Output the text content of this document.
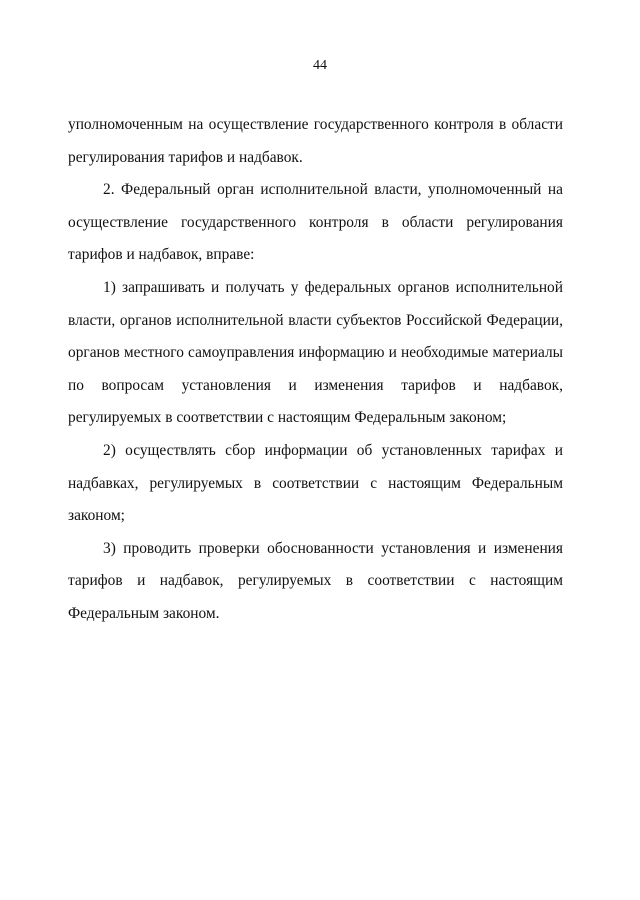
44

уполномоченным на осуществление государственного контроля в области регулирования тарифов и надбавок.

2. Федеральный орган исполнительной власти, уполномоченный на осуществление государственного контроля в области регулирования тарифов и надбавок, вправе:

1) запрашивать и получать у федеральных органов исполнительной власти, органов исполнительной власти субъектов Российской Федерации, органов местного самоуправления информацию и необходимые материалы по вопросам установления и изменения тарифов и надбавок, регулируемых в соответствии с настоящим Федеральным законом;

2) осуществлять сбор информации об установленных тарифах и надбавках, регулируемых в соответствии с настоящим Федеральным законом;

3) проводить проверки обоснованности установления и изменения тарифов и надбавок, регулируемых в соответствии с настоящим Федеральным законом.
